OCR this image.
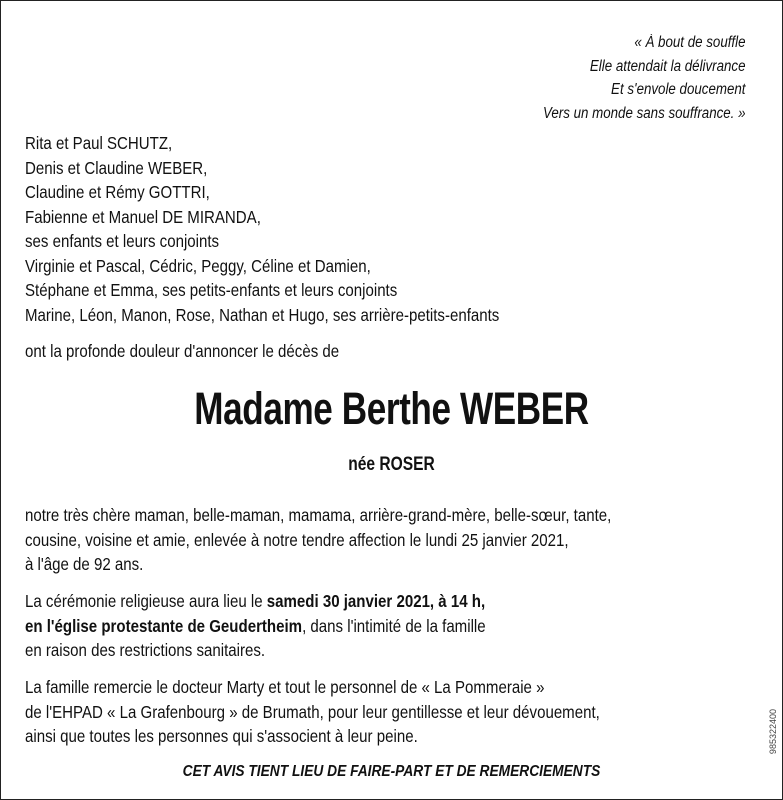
« À bout de souffle
Elle attendait la délivrance
Et s'envole doucement
Vers un monde sans souffrance. »
Rita et Paul SCHUTZ,
Denis et Claudine WEBER,
Claudine et Rémy GOTTRI,
Fabienne et Manuel DE MIRANDA,
ses enfants et leurs conjoints
Virginie et Pascal, Cédric, Peggy, Céline et Damien,
Stéphane et Emma, ses petits-enfants et leurs conjoints
Marine, Léon, Manon, Rose, Nathan et Hugo, ses arrière-petits-enfants
ont la profonde douleur d'annoncer le décès de
Madame Berthe WEBER
née ROSER
notre très chère maman, belle-maman, mamama, arrière-grand-mère, belle-sœur, tante,
cousine, voisine et amie, enlevée à notre tendre affection le lundi 25 janvier 2021,
à l'âge de 92 ans.
La cérémonie religieuse aura lieu le samedi 30 janvier 2021, à 14 h,
en l'église protestante de Geudertheim, dans l'intimité de la famille
en raison des restrictions sanitaires.
La famille remercie le docteur Marty et tout le personnel de « La Pommeraie »
de l'EHPAD « La Grafenbourg » de Brumath, pour leur gentillesse et leur dévouement,
ainsi que toutes les personnes qui s'associent à leur peine.
CET AVIS TIENT LIEU DE FAIRE-PART ET DE REMERCIEMENTS
985322400
